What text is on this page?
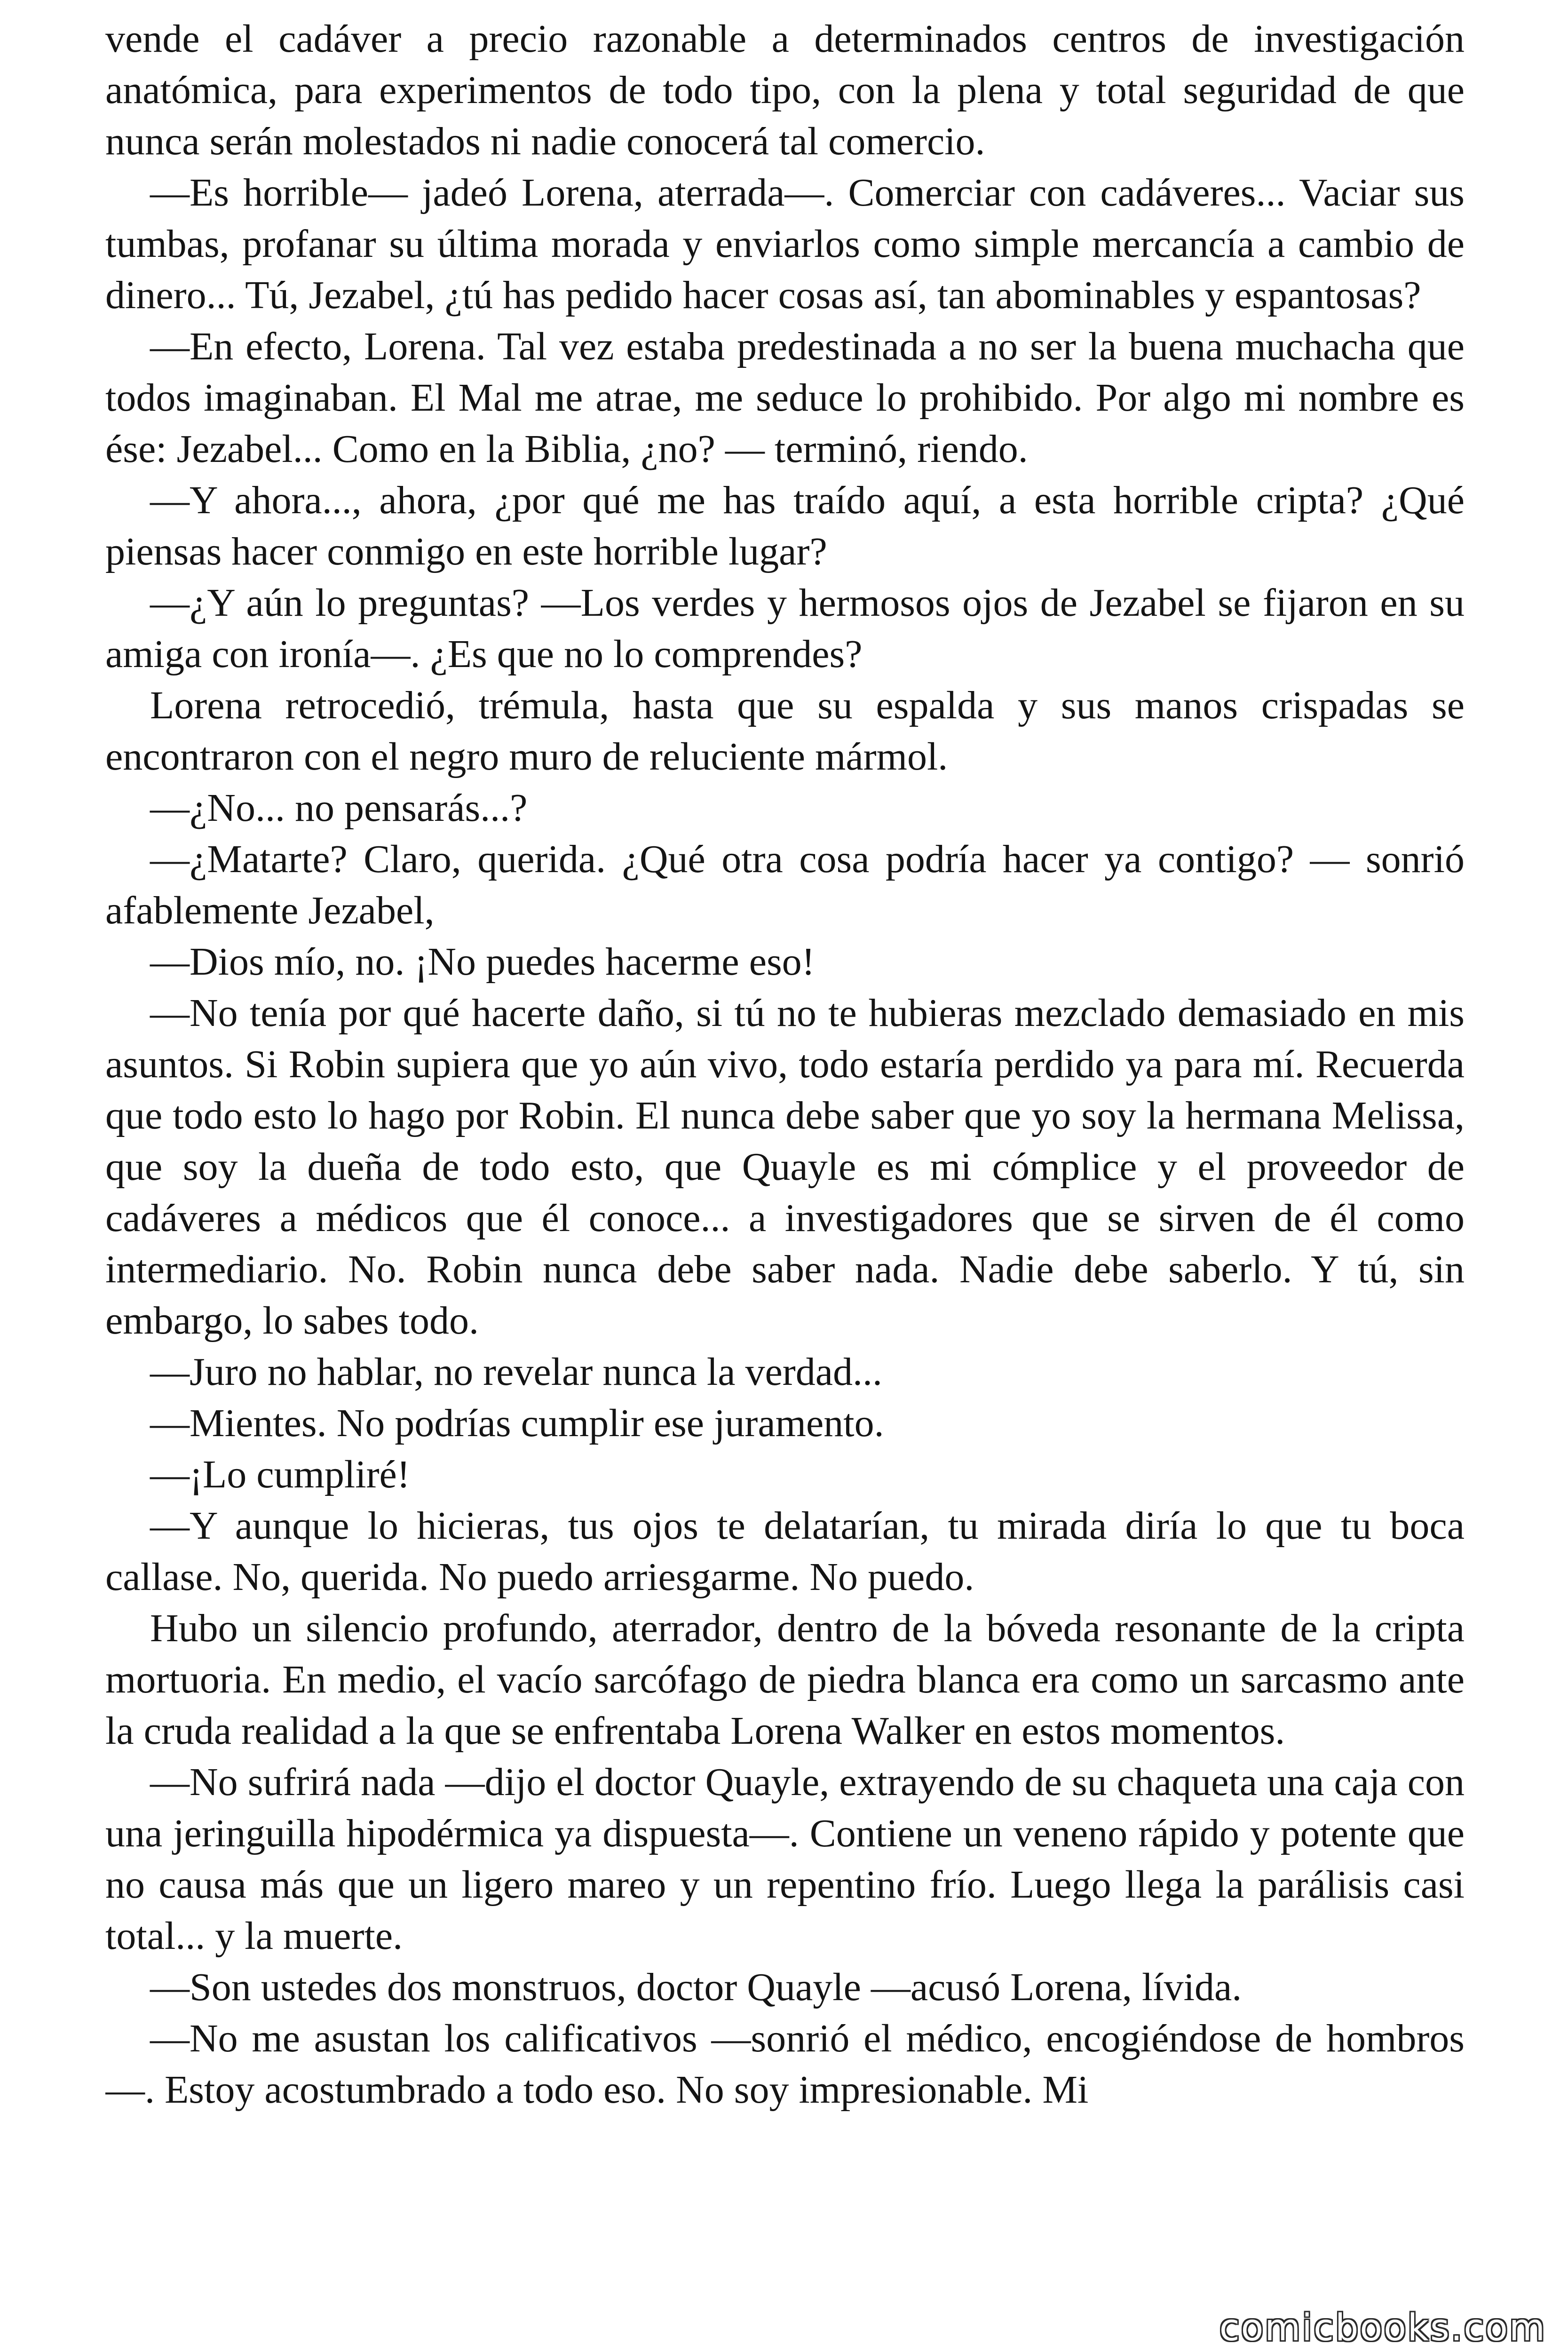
vende el cadáver a precio razonable a determinados centros de investigación anatómica, para experimentos de todo tipo, con la plena y total seguridad de que nunca serán molestados ni nadie conocerá tal comercio.

—Es horrible— jadeó Lorena, aterrada—. Comerciar con cadáveres... Vaciar sus tumbas, profanar su última morada y enviarlos como simple mercancía a cambio de dinero... Tú, Jezabel, ¿tú has pedido hacer cosas así, tan abominables y espantosas?

—En efecto, Lorena. Tal vez estaba predestinada a no ser la buena muchacha que todos imaginaban. El Mal me atrae, me seduce lo prohibido. Por algo mi nombre es ése: Jezabel... Como en la Biblia, ¿no? — terminó, riendo.

—Y ahora..., ahora, ¿por qué me has traído aquí, a esta horrible cripta? ¿Qué piensas hacer conmigo en este horrible lugar?

—¿Y aún lo preguntas? —Los verdes y hermosos ojos de Jezabel se fijaron en su amiga con ironía—. ¿Es que no lo comprendes?

Lorena retrocedió, trémula, hasta que su espalda y sus manos crispadas se encontraron con el negro muro de reluciente mármol.

—¿No... no pensarás...?

—¿Matarte? Claro, querida. ¿Qué otra cosa podría hacer ya contigo? — sonrió afablemente Jezabel,

—Dios mío, no. ¡No puedes hacerme eso!

—No tenía por qué hacerte daño, si tú no te hubieras mezclado demasiado en mis asuntos. Si Robin supiera que yo aún vivo, todo estaría perdido ya para mí. Recuerda que todo esto lo hago por Robin. El nunca debe saber que yo soy la hermana Melissa, que soy la dueña de todo esto, que Quayle es mi cómplice y el proveedor de cadáveres a médicos que él conoce... a investigadores que se sirven de él como intermediario. No. Robin nunca debe saber nada. Nadie debe saberlo. Y tú, sin embargo, lo sabes todo.

—Juro no hablar, no revelar nunca la verdad...

—Mientes. No podrías cumplir ese juramento.

—¡Lo cumpliré!

—Y aunque lo hicieras, tus ojos te delatarían, tu mirada diría lo que tu boca callase. No, querida. No puedo arriesgarme. No puedo.

Hubo un silencio profundo, aterrador, dentro de la bóveda resonante de la cripta mortuoria. En medio, el vacío sarcófago de piedra blanca era como un sarcasmo ante la cruda realidad a la que se enfrentaba Lorena Walker en estos momentos.

—No sufrirá nada —dijo el doctor Quayle, extrayendo de su chaqueta una caja con una jeringuilla hipodérmica ya dispuesta—. Contiene un veneno rápido y potente que no causa más que un ligero mareo y un repentino frío. Luego llega la parálisis casi total... y la muerte.

—Son ustedes dos monstruos, doctor Quayle —acusó Lorena, lívida.

—No me asustan los calificativos —sonrió el médico, encogiéndose de hombros—. Estoy acostumbrado a todo eso. No soy impresionable. Mi

comicbooks.com
